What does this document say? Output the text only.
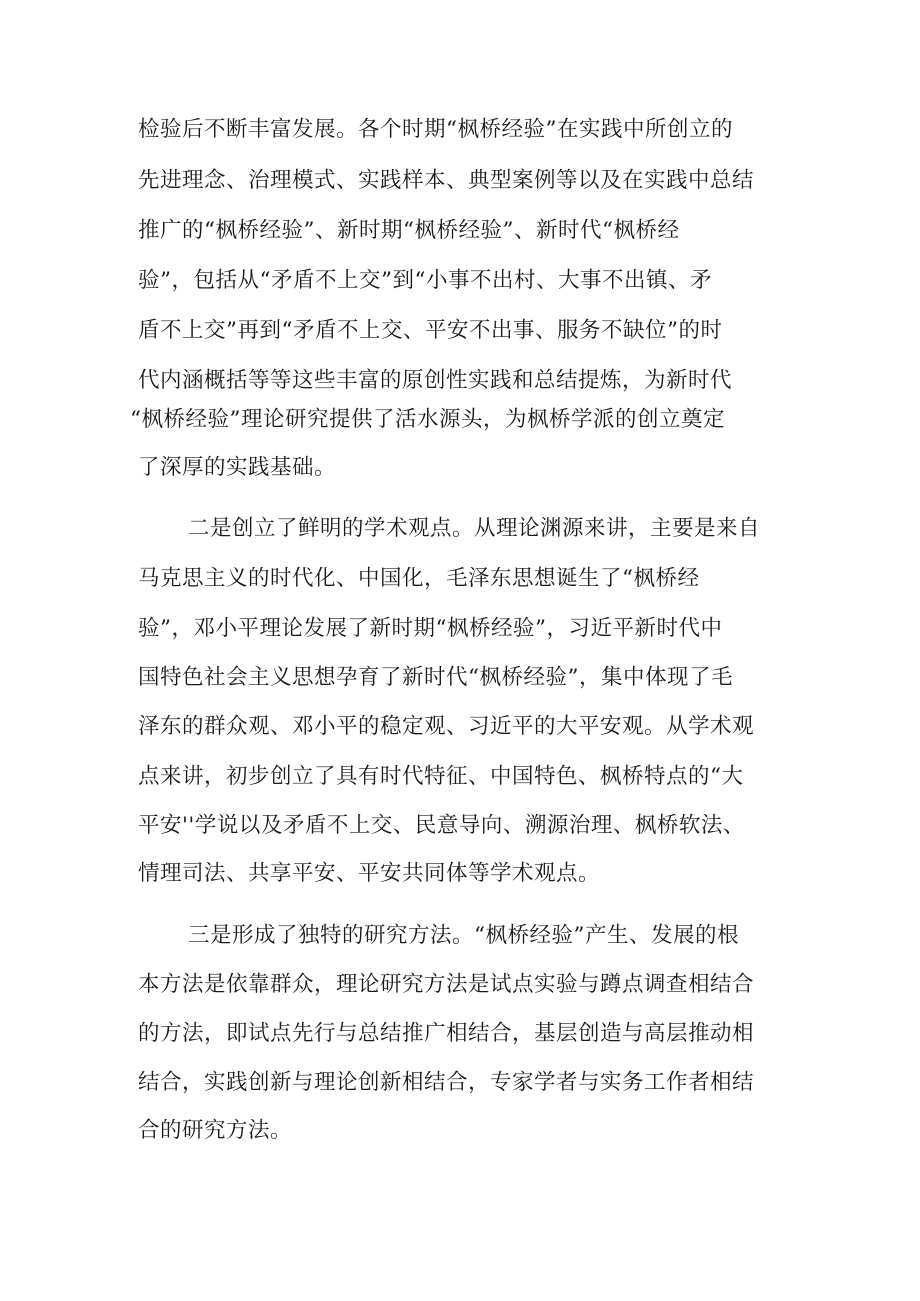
检验后不断丰富发展。各个时期“枫桥经验”在实践中所创立的
先进理念、治理模式、实践样本、典型案例等以及在实践中总结
推广的“枫桥经验”、新时期“枫桥经验”、新时代“枫桥经
验”，包括从“矛盾不上交”到“小事不出村、大事不出镇、矛
盾不上交”再到“矛盾不上交、平安不出事、服务不缺位”的时
代内涵概括等等这些丰富的原创性实践和总结提炼，为新时代
“枫桥经验”理论研究提供了活水源头，为枫桥学派的创立奠定
了深厚的实践基础。
二是创立了鲜明的学术观点。从理论渊源来讲，主要是来自
马克思主义的时代化、中国化，毛泽东思想诞生了“枫桥经
验”，邓小平理论发展了新时期“枫桥经验”，习近平新时代中
国特色社会主义思想孕育了新时代“枫桥经验”，集中体现了毛
泽东的群众观、邓小平的稳定观、习近平的大平安观。从学术观
点来讲，初步创立了具有时代特征、中国特色、枫桥特点的“大
平安''学说以及矛盾不上交、民意导向、溯源治理、枫桥软法、
情理司法、共享平安、平安共同体等学术观点。
三是形成了独特的研究方法。“枫桥经验”产生、发展的根
本方法是依靠群众，理论研究方法是试点实验与蹲点调查相结合
的方法，即试点先行与总结推广相结合，基层创造与高层推动相
结合，实践创新与理论创新相结合，专家学者与实务工作者相结
合的研究方法。
